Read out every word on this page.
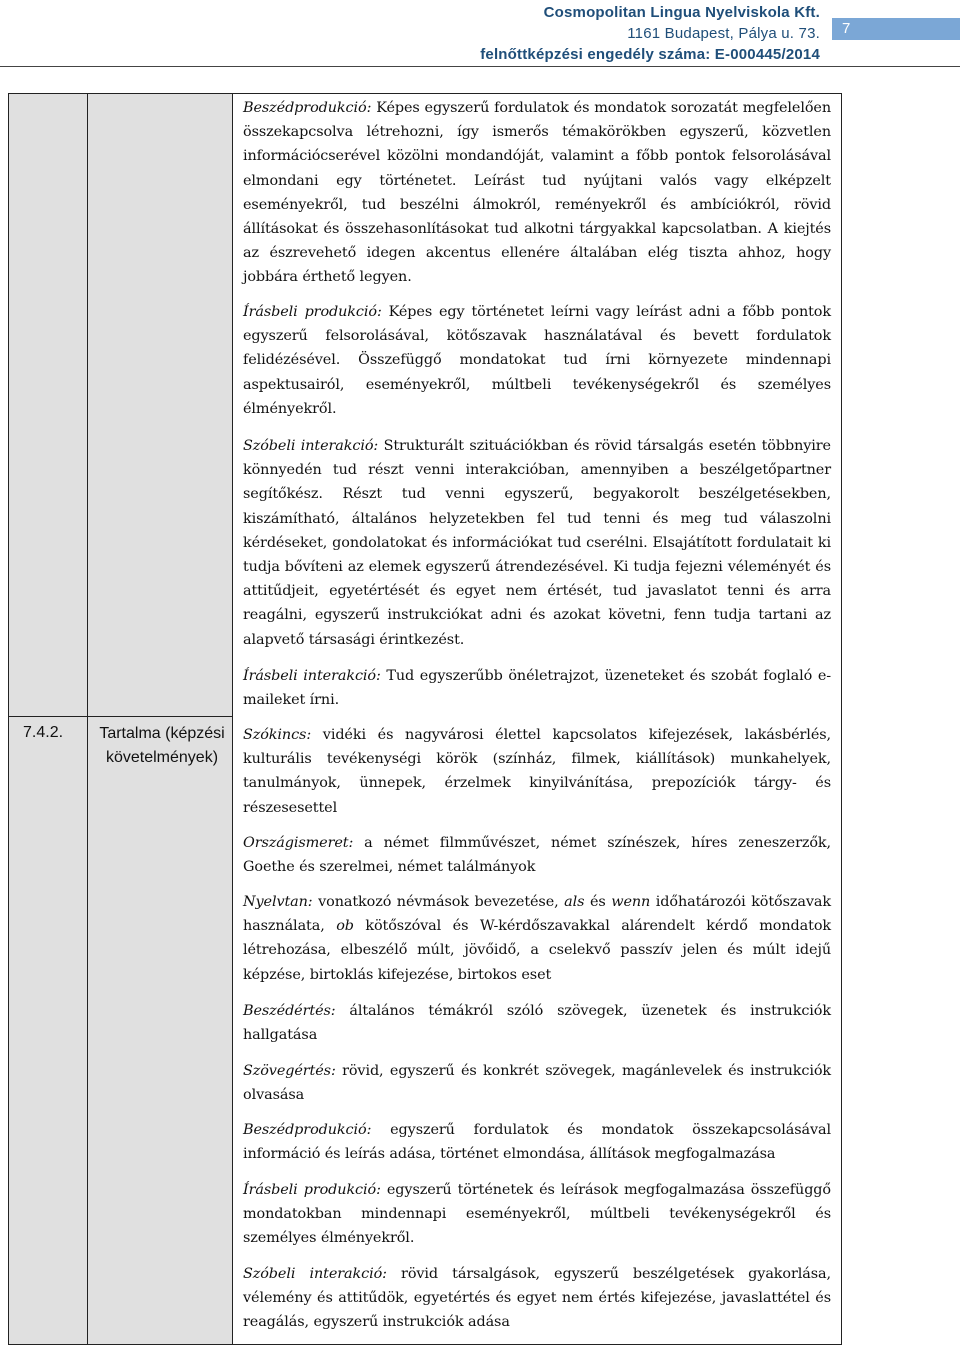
Cosmopolitan Lingua Nyelviskola Kft.
1161 Budapest, Pálya u. 73.
felnőttképzési engedély száma: E-000445/2014
7
7.4.2.	Tartalma (képzési követelmények)

Beszédprodukció: Képes egyszerű fordulatok és mondatok sorozatát megfelelően összekapcsolva létrehozni, így ismerős témakörökben egyszerű, közvetlen információcserével közölni mondandóját, valamint a főbb pontok felsorolásával elmondani egy történetet. Leírást tud nyújtani valós vagy elképzelt eseményekről, tud beszélni álmokról, reményekről és ambíciókról, rövid állításokat és összehasonlításokat tud alkotni tárgyakkal kapcsolatban. A kiejtés az észrevehető idegen akcentus ellenére általában elég tiszta ahhoz, hogy jobbára érthető legyen.

Írásbeli produkció: Képes egy történetet leírni vagy leírást adni a főbb pontok egyszerű felsorolásával, kötőszavak használatával és bevett fordulatok felidézésével. Összefüggő mondatokat tud írni környezete mindennapi aspektusairól, eseményekről, múltbeli tevékenységekről és személyes élményekről.

Szóbeli interakció: Strukturált szituációkban és rövid társalgás esetén többnyire könnyedén tud részt venni interakcióban, amennyiben a beszélgetőpartner segítőkész. Részt tud venni egyszerű, begyakorolt beszélgetésekben, kiszámítható, általános helyzetekben fel tud tenni és meg tud válaszolni kérdéseket, gondolatokat és információkat tud cserélni. Elsajátított fordulatait ki tudja bővíteni az elemek egyszerű átrendezésével. Ki tudja fejezni véleményét és attitűdjeit, egyetértését és egyet nem értését, tud javaslatot tenni és arra reagálni, egyszerű instrukciókat adni és azokat követni, fenn tudja tartani az alapvető társasági érintkezést.

Írásbeli interakció: Tud egyszerűbb önéletrajzot, üzeneteket és szobát foglaló e-maileket írni.

Szókincs: vidéki és nagyvárosi élettel kapcsolatos kifejezések, lakásbérlés, kulturális tevékenységi körök (színház, filmek, kiállítások) munkahelyek, tanulmányok, ünnepek, érzelmek kinyilvánítása, prepozíciók tárgy- és részesesettel

Országismeret: a német filmművészet, német színészek, híres zeneszerzők, Goethe és szerelmei, német találmányok

Nyelvtan: vonatkozó névmások bevezetése, als és wenn időhatározói kötőszavak használata, ob kötőszóval és W-kérdőszavakkal alárendelt kérdő mondatok létrehozása, elbeszélő múlt, jövőidő, a cselekvő passzív jelen és múlt idejű képzése, birtoklás kifejezése, birtokos eset

Beszédértés: általános témákról szóló szövegek, üzenetek és instrukciók hallgatása

Szövegértés: rövid, egyszerű és konkrét szövegek, magánlevelek és instrukciók olvasása

Beszédprodukció: egyszerű fordulatok és mondatok összekapcsolásával információ és leírás adása, történet elmondása, állítások megfogalmazása

Írásbeli produkció: egyszerű történetek és leírások megfogalmazása összefüggő mondatokban mindennapi eseményekről, múltbeli tevékenységekről és személyes élményekről.

Szóbeli interakció: rövid társalgások, egyszerű beszélgetések gyakorlása, vélemény és attitűdök, egyetértés és egyet nem értés kifejezése, javaslattétel és reagálás, egyszerű instrukciók adása
